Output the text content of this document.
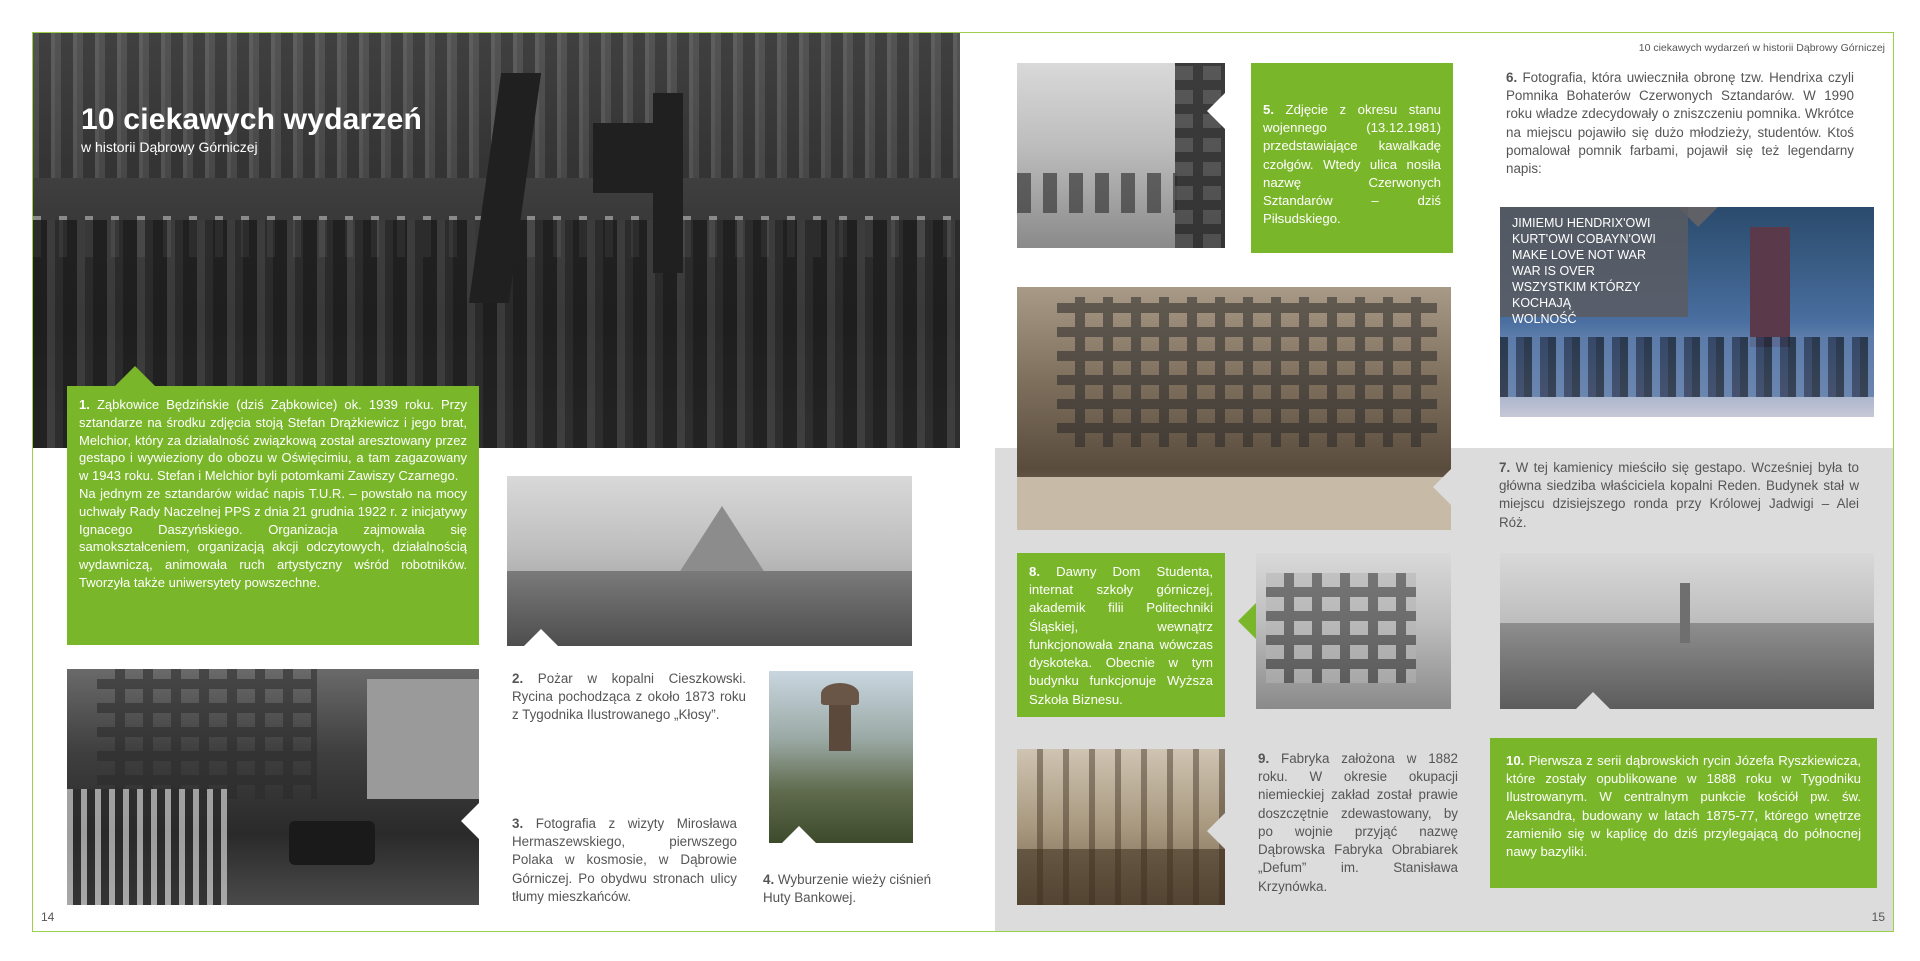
10 ciekawych wydarzeń w historii Dąbrowy Górniczej
10 ciekawych wydarzeń
w historii Dąbrowy Górniczej
1. Ząbkowice Będzińskie (dziś Ząbkowice) ok. 1939 roku. Przy sztandarze na środku zdjęcia stoją Stefan Drążkiewicz i jego brat, Melchior, który za działalność związkową został aresztowany przez gestapo i wywieziony do obozu w Oświęcimiu, a tam zagazowany w 1943 roku. Stefan i Melchior byli potomkami Zawiszy Czarnego.
Na jednym ze sztandarów widać napis T.U.R. – powstało na mocy uchwały Rady Naczelnej PPS z dnia 21 grudnia 1922 r. z inicjatywy Ignacego Daszyńskiego. Organizacja zajmowała się samokształceniem, organizacją akcji odczytowych, działalnością wydawniczą, animowała ruch artystyczny wśród robotników. Tworzyła także uniwersytety powszechne.
2. Pożar w kopalni Cieszkowski. Rycina pochodząca z około 1873 roku z Tygodnika Ilustrowanego „Kłosy”.
3. Fotografia z wizyty Mirosława Hermaszewskiego, pierwszego Polaka w kosmosie, w Dąbrowie Górniczej. Po obydwu stronach ulicy tłumy mieszkańców.
4. Wyburzenie wieży ciśnień Huty Bankowej.
14
5. Zdjęcie z okresu stanu wojennego (13.12.1981) przedstawiające kawalkadę czołgów. Wtedy ulica nosiła nazwę Czerwonych Sztandarów – dziś Piłsudskiego.
6. Fotografia, która uwieczniła obronę tzw. Hendrixa czyli Pomnika Bohaterów Czerwonych Sztandarów. W 1990 roku władze zdecydowały o zniszczeniu pomnika. Wkrótce na miejscu pojawiło się dużo młodzieży, studentów. Ktoś pomalował pomnik farbami, pojawił się też legendarny napis:
JIMIEMU HENDRIX'OWI
KURT'OWI COBAYN'OWI
MAKE LOVE NOT WAR
WAR IS OVER
WSZYSTKIM KTÓRZY KOCHAJĄ
WOLNOŚĆ
7. W tej kamienicy mieściło się gestapo. Wcześniej była to główna siedziba właściciela kopalni Reden. Budynek stał w miejscu dzisiejszego ronda przy Królowej Jadwigi – Alei Róż.
8. Dawny Dom Studenta, internat szkoły górniczej, akademik filii Politechniki Śląskiej, wewnątrz funkcjonowała znana wówczas dyskoteka. Obecnie w tym budynku funkcjonuje Wyższa Szkoła Biznesu.
9. Fabryka założona w 1882 roku. W okresie okupacji niemieckiej zakład został prawie doszczętnie zdewastowany, by po wojnie przyjąć nazwę Dąbrowska Fabryka Obrabiarek „Defum” im. Stanisława Krzynówka.
10. Pierwsza z serii dąbrowskich rycin Józefa Ryszkiewicza, które zostały opublikowane w 1888 roku w Tygodniku Ilustrowanym. W centralnym punkcie kościół pw. św. Aleksandra, budowany w latach 1875-77, którego wnętrze zamieniło się w kaplicę do dziś przylegającą do północnej nawy bazyliki.
15
